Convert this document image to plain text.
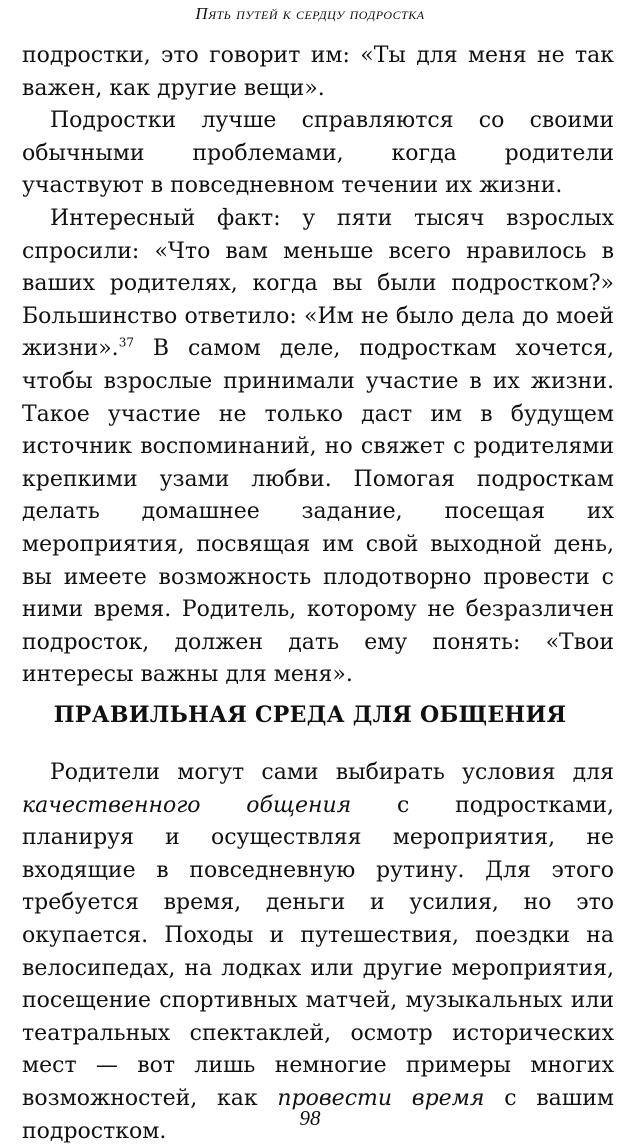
Пять путей к сердцу подростка

подростки, это говорит им: «Ты для меня не так важен, как другие вещи».

Подростки лучше справляются со своими обычными проблемами, когда родители участвуют в повседневном течении их жизни.

Интересный факт: у пяти тысяч взрослых спросили: «Что вам меньше всего нравилось в ваших родителях, когда вы были подростком?» Большинство ответило: «Им не было дела до моей жизни».$^{37}$ В самом деле, подросткам хочется, чтобы взрослые принимали участие в их жизни. Такое участие не только даст им в будущем источник воспоминаний, но свяжет с родителями крепкими узами любви. Помогая подросткам делать домашнее задание, посещая их мероприятия, посвящая им свой выходной день, вы имеете возможность плодотворно провести с ними время. Родитель, которому не безразличен подросток, должен дать ему понять: «Твои интересы важны для меня».

ПРАВИЛЬНАЯ СРЕДА ДЛЯ ОБЩЕНИЯ

Родители могут сами выбирать условия для качественного общения с подростками, планируя и осуществляя мероприятия, не входящие в повседневную рутину. Для этого требуется время, деньги и усилия, но это окупается. Походы и путешествия, поездки на велосипедах, на лодках или другие мероприятия, посещение спортивных матчей, музыкальных или театральных спектаклей, осмотр исторических мест — вот лишь немногие примеры многих возможностей, как провести время с вашим подростком.

98
